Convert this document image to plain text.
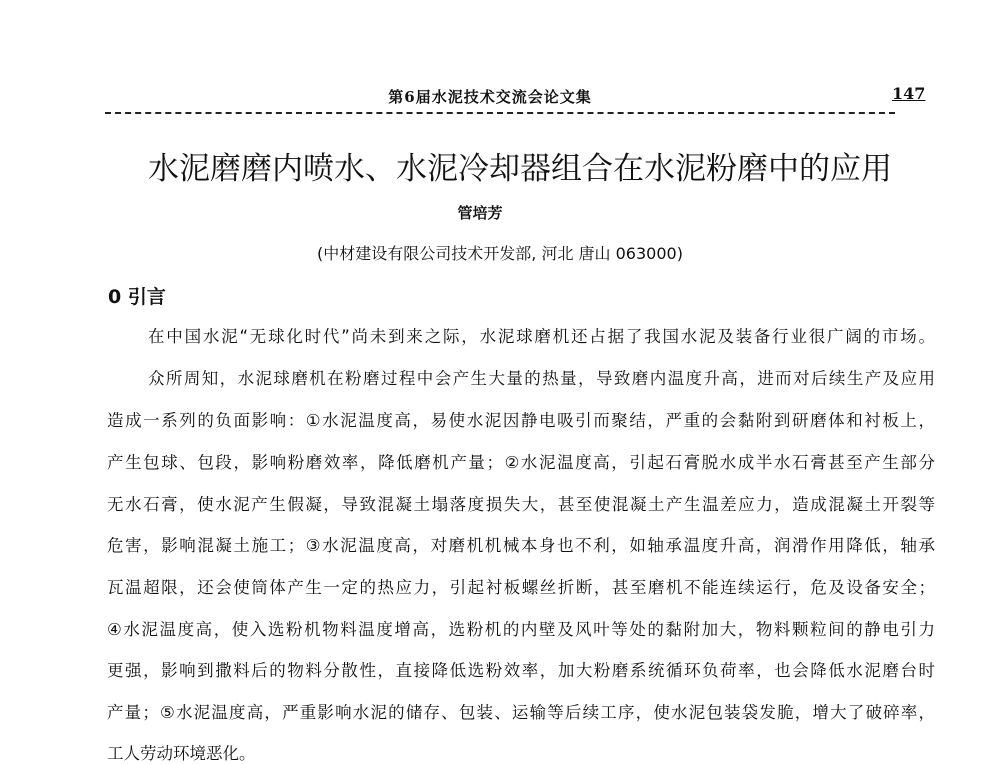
第6届水泥技术交流会论文集	147
水泥磨磨内喷水、水泥冷却器组合在水泥粉磨中的应用
管培芳
(中材建设有限公司技术开发部, 河北 唐山 063000)
0 引言
在中国水泥“无球化时代”尚未到来之际，水泥球磨机还占据了我国水泥及装备行业很广阔的市场。
众所周知，水泥球磨机在粉磨过程中会产生大量的热量，导致磨内温度升高，进而对后续生产及应用
造成一系列的负面影响：①水泥温度高，易使水泥因静电吸引而聚结，严重的会黏附到研磨体和衬板上，
产生包球、包段，影响粉磨效率，降低磨机产量；②水泥温度高，引起石膏脱水成半水石膏甚至产生部分
无水石膏，使水泥产生假凝，导致混凝土塌落度损失大，甚至使混凝土产生温差应力，造成混凝土开裂等
危害，影响混凝土施工；③水泥温度高，对磨机机械本身也不利，如轴承温度升高，润滑作用降低，轴承
瓦温超限，还会使筒体产生一定的热应力，引起衬板螺丝折断，甚至磨机不能连续运行，危及设备安全；
④水泥温度高，使入选粉机物料温度增高，选粉机的内壁及风叶等处的黏附加大，物料颗粒间的静电引力
更强，影响到撒料后的物料分散性，直接降低选粉效率，加大粉磨系统循环负荷率，也会降低水泥磨台时
产量；⑤水泥温度高，严重影响水泥的储存、包装、运输等后续工序，使水泥包装袋发脆，增大了破碎率，
工人劳动环境恶化。
